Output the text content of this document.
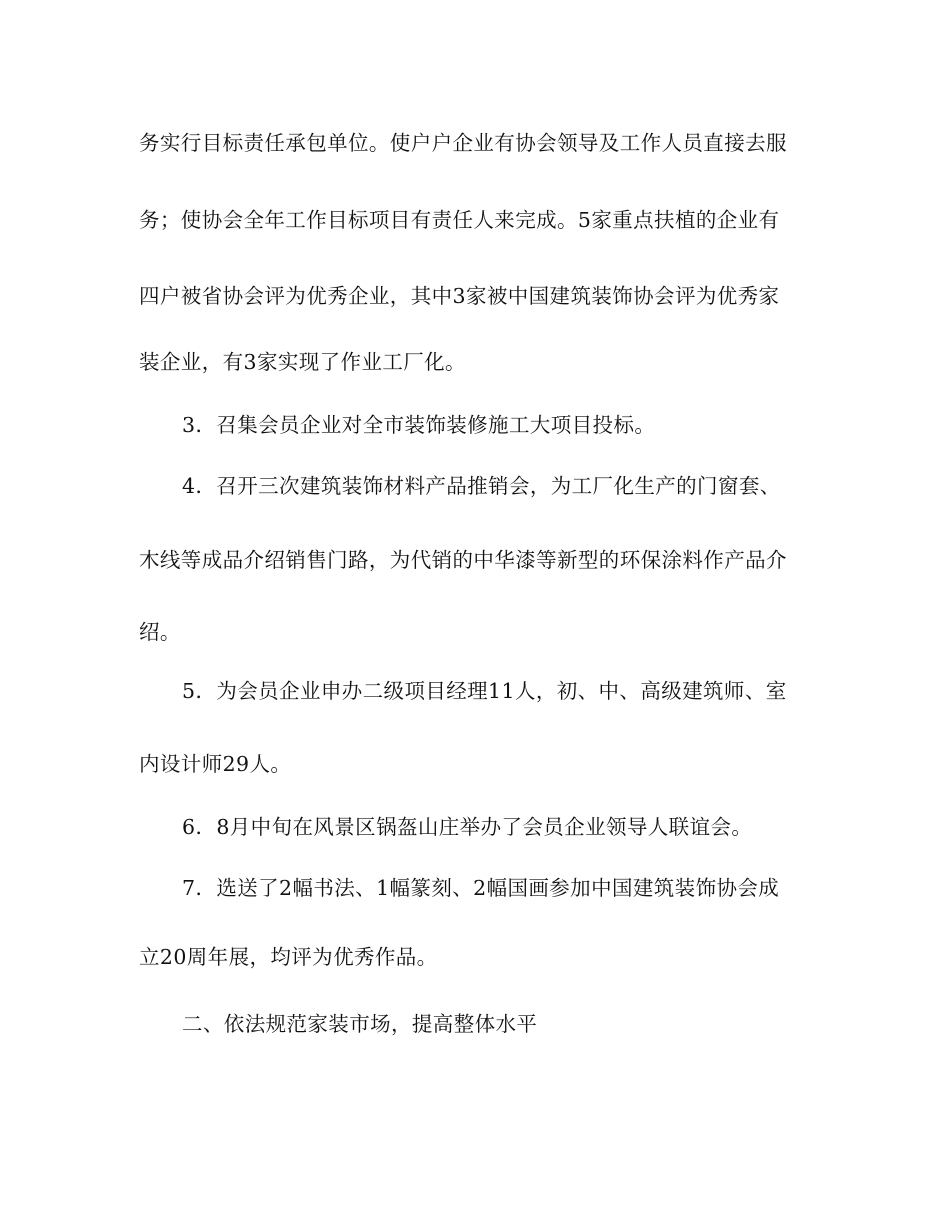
务实行目标责任承包单位。使户户企业有协会领导及工作人员直接去服
务；使协会全年工作目标项目有责任人来完成。5家重点扶植的企业有
四户被省协会评为优秀企业，其中3家被中国建筑装饰协会评为优秀家
装企业，有3家实现了作业工厂化。
3．召集会员企业对全市装饰装修施工大项目投标。
4．召开三次建筑装饰材料产品推销会，为工厂化生产的门窗套、
木线等成品介绍销售门路，为代销的中华漆等新型的环保涂料作产品介
绍。
5．为会员企业申办二级项目经理11人，初、中、高级建筑师、室
内设计师29人。
6．8月中旬在风景区锅盔山庄举办了会员企业领导人联谊会。
7．选送了2幅书法、1幅篆刻、2幅国画参加中国建筑装饰协会成
立20周年展，均评为优秀作品。
二、依法规范家装市场，提高整体水平
